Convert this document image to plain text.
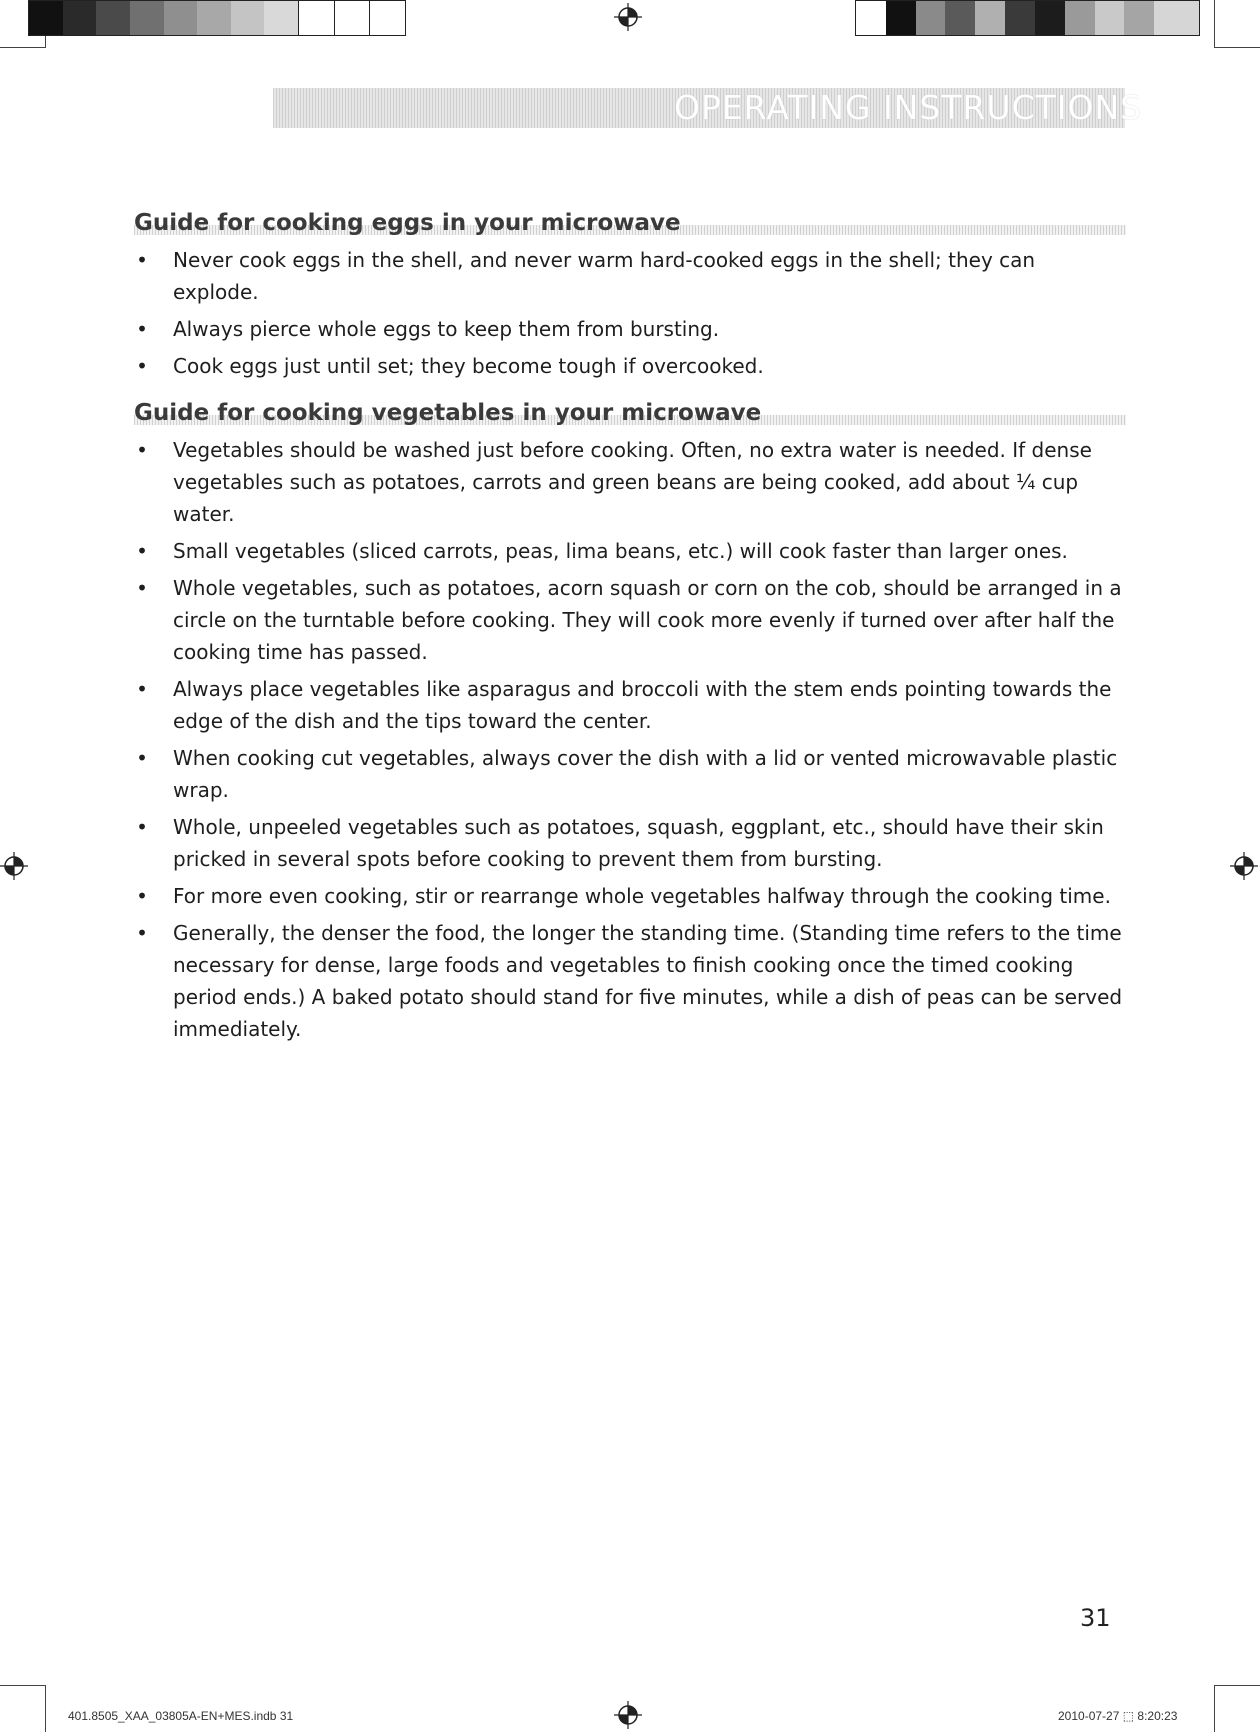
OPERATING INSTRUCTIONS
Guide for cooking eggs in your microwave
• Never cook eggs in the shell, and never warm hard-cooked eggs in the shell; they can explode.
• Always pierce whole eggs to keep them from bursting.
• Cook eggs just until set; they become tough if overcooked.
Guide for cooking vegetables in your microwave
• Vegetables should be washed just before cooking. Often, no extra water is needed. If dense vegetables such as potatoes, carrots and green beans are being cooked, add about ¼ cup water.
• Small vegetables (sliced carrots, peas, lima beans, etc.) will cook faster than larger ones.
• Whole vegetables, such as potatoes, acorn squash or corn on the cob, should be arranged in a circle on the turntable before cooking. They will cook more evenly if turned over after half the cooking time has passed.
• Always place vegetables like asparagus and broccoli with the stem ends pointing towards the edge of the dish and the tips toward the center.
• When cooking cut vegetables, always cover the dish with a lid or vented microwavable plastic wrap.
• Whole, unpeeled vegetables such as potatoes, squash, eggplant, etc., should have their skin pricked in several spots before cooking to prevent them from bursting.
• For more even cooking, stir or rearrange whole vegetables halfway through the cooking time.
• Generally, the denser the food, the longer the standing time. (Standing time refers to the time necessary for dense, large foods and vegetables to finish cooking once the timed cooking period ends.) A baked potato should stand for five minutes, while a dish of peas can be served immediately.
31
401.8505_XAA_03805A-EN+MES.indb 31	2010-07-27 ⬚ 8:20:23
